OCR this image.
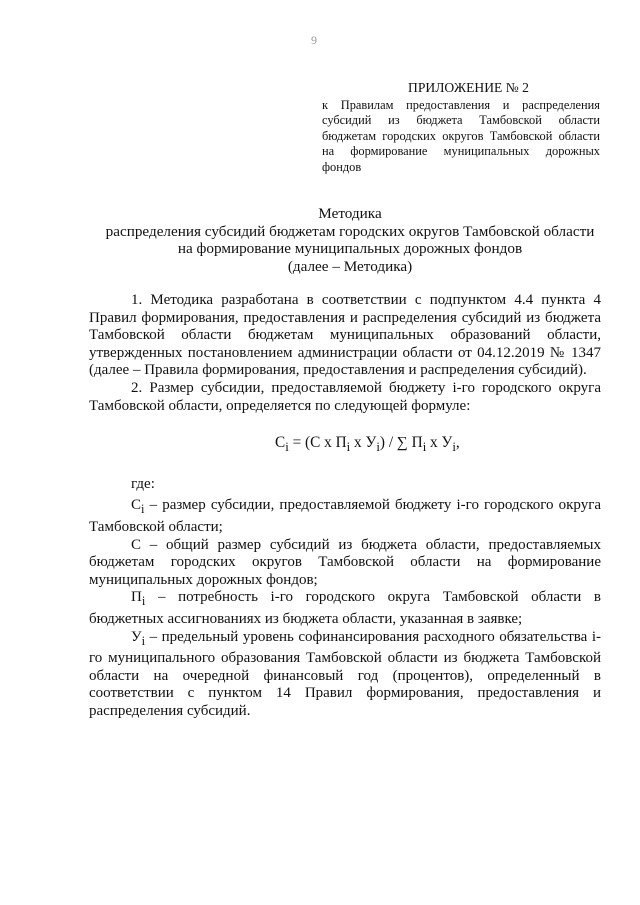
9
ПРИЛОЖЕНИЕ № 2
к Правилам предоставления и распределения субсидий из бюджета Тамбовской области бюджетам городских округов Тамбовской области на формирование муниципальных дорожных фондов
Методика
распределения субсидий бюджетам городских округов Тамбовской области
на формирование муниципальных дорожных фондов
(далее – Методика)

1. Методика разработана в соответствии с подпунктом 4.4 пункта 4 Правил формирования, предоставления и распределения субсидий из бюджета Тамбовской области бюджетам муниципальных образований области, утвержденных постановлением администрации области от 04.12.2019 № 1347 (далее – Правила формирования, предоставления и распределения субсидий).

2. Размер субсидии, предоставляемой бюджету i-го городского округа Тамбовской области, определяется по следующей формуле:

$C_i = (C$ х $П_i$ х $У_i$) / ∑ $П_i$ х $У_i$,

где:

$C_i$ – размер субсидии, предоставляемой бюджету i-го городского округа Тамбовской области;

С – общий размер субсидий из бюджета области, предоставляемых бюджетам городских округов Тамбовской области на формирование муниципальных дорожных фондов;

$П_i$ – потребность i-го городского округа Тамбовской области в бюджетных ассигнованиях из бюджета области, указанная в заявке;

$У_i$ – предельный уровень софинансирования расходного обязательства i-го муниципального образования Тамбовской области из бюджета Тамбовской области на очередной финансовый год (процентов), определенный в соответствии с пунктом 14 Правил формирования, предоставления и распределения субсидий.
